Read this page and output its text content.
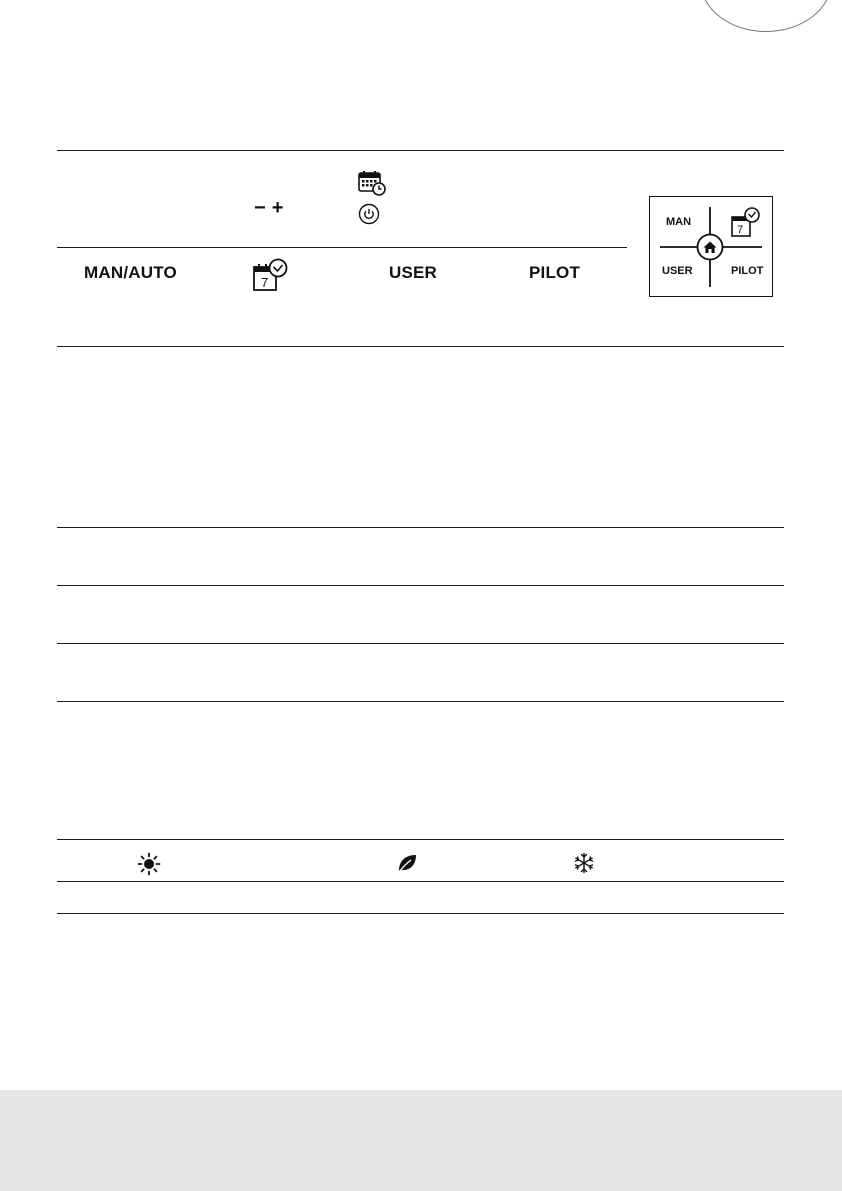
−+
MAN/AUTO
7
USER	PILOT
7
MAN
USER	PILOT
